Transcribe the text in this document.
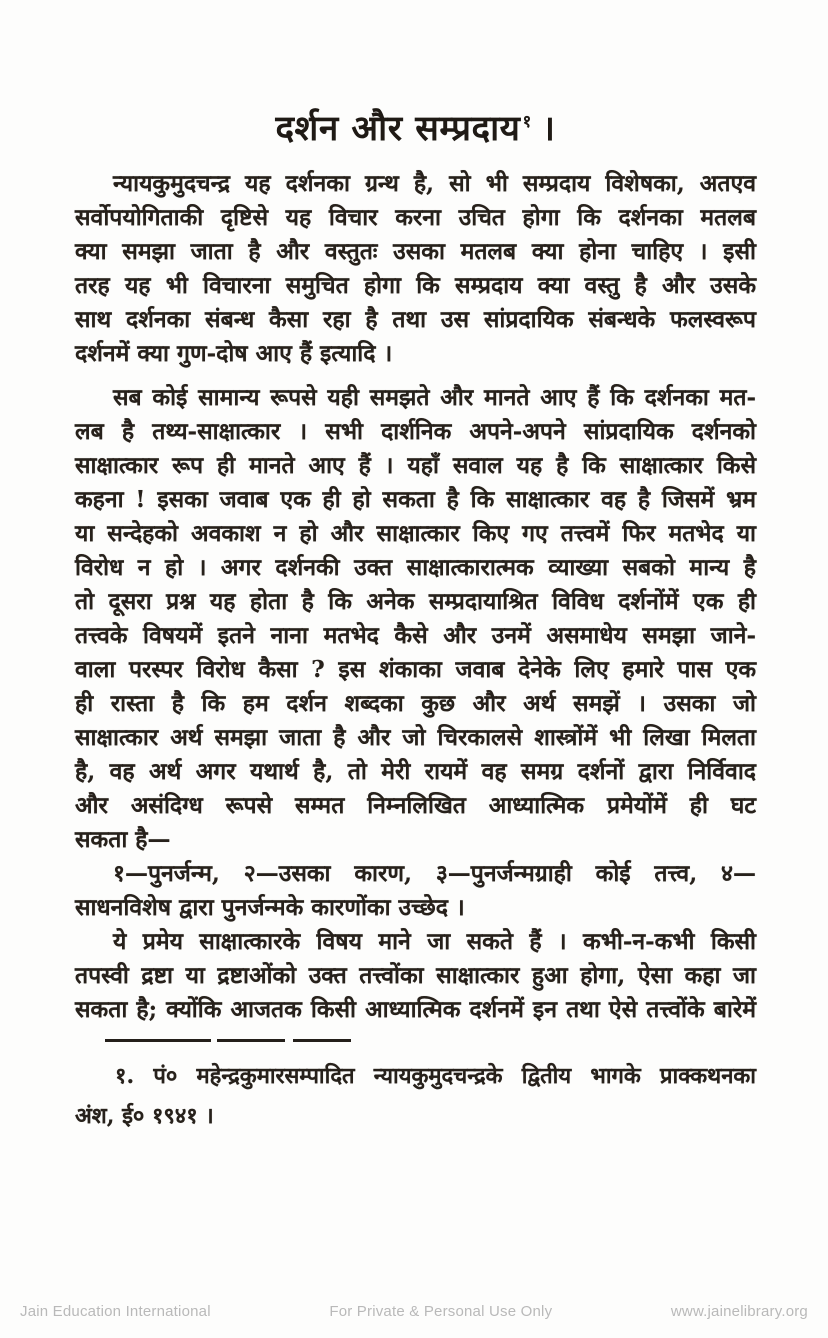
दर्शन और सम्प्रदाय $^१$ ।
न्यायकुमुदचन्द्र यह दर्शनका ग्रन्थ है, सो भी सम्प्रदाय विशेषका, अतएव
सर्वोपयोगिताकी दृष्टिसे यह विचार करना उचित होगा कि दर्शनका मतलब
क्या समझा जाता है और वस्तुतः उसका मतलब क्या होना चाहिए । इसी
तरह यह भी विचारना समुचित होगा कि सम्प्रदाय क्या वस्तु है और उसके
साथ दर्शनका संबन्ध कैसा रहा है तथा उस सांप्रदायिक संबन्धके फलस्वरूप
दर्शनमें क्या गुण-दोष आए हैं इत्यादि ।
सब कोई सामान्य रूपसे यही समझते और मानते आए हैं कि दर्शनका मत-
लब है तथ्य-साक्षात्कार । सभी दार्शनिक अपने-अपने सांप्रदायिक दर्शनको
साक्षात्कार रूप ही मानते आए हैं । यहाँ सवाल यह है कि साक्षात्कार किसे
कहना ! इसका जवाब एक ही हो सकता है कि साक्षात्कार वह है जिसमें भ्रम
या सन्देहको अवकाश न हो और साक्षात्कार किए गए तत्त्वमें फिर मतभेद या
विरोध न हो । अगर दर्शनकी उक्त साक्षात्कारात्मक व्याख्या सबको मान्य है
तो दूसरा प्रश्न यह होता है कि अनेक सम्प्रदायाश्रित विविध दर्शनोंमें एक ही
तत्त्वके विषयमें इतने नाना मतभेद कैसे और उनमें असमाधेय समझा जाने-
वाला परस्पर विरोध कैसा ? इस शंकाका जवाब देनेके लिए हमारे पास एक
ही रास्ता है कि हम दर्शन शब्दका कुछ और अर्थ समझें । उसका जो
साक्षात्कार अर्थ समझा जाता है और जो चिरकालसे शास्त्रोंमें भी लिखा मिलता
है, वह अर्थ अगर यथार्थ है, तो मेरी रायमें वह समग्र दर्शनों द्वारा निर्विवाद
और असंदिग्ध रूपसे सम्मत निम्नलिखित आध्यात्मिक प्रमेयोंमें ही घट
सकता है—
१—पुनर्जन्म, २—उसका कारण, ३—पुनर्जन्मग्राही कोई तत्त्व, ४—
साधनविशेष द्वारा पुनर्जन्मके कारणोंका उच्छेद ।
ये प्रमेय साक्षात्कारके विषय माने जा सकते हैं । कभी-न-कभी किसी
तपस्वी द्रष्टा या द्रष्टाओंको उक्त तत्त्वोंका साक्षात्कार हुआ होगा, ऐसा कहा जा
सकता है; क्योंकि आजतक किसी आध्यात्मिक दर्शनमें इन तथा ऐसे तत्त्वोंके बारेमें
१. पं० महेन्द्रकुमारसम्पादित न्यायकुमुदचन्द्रके द्वितीय भागके प्राक्कथनका
अंश, ई० १९४१ ।
Jain Education International	For Private & Personal Use Only	www.jainelibrary.org
